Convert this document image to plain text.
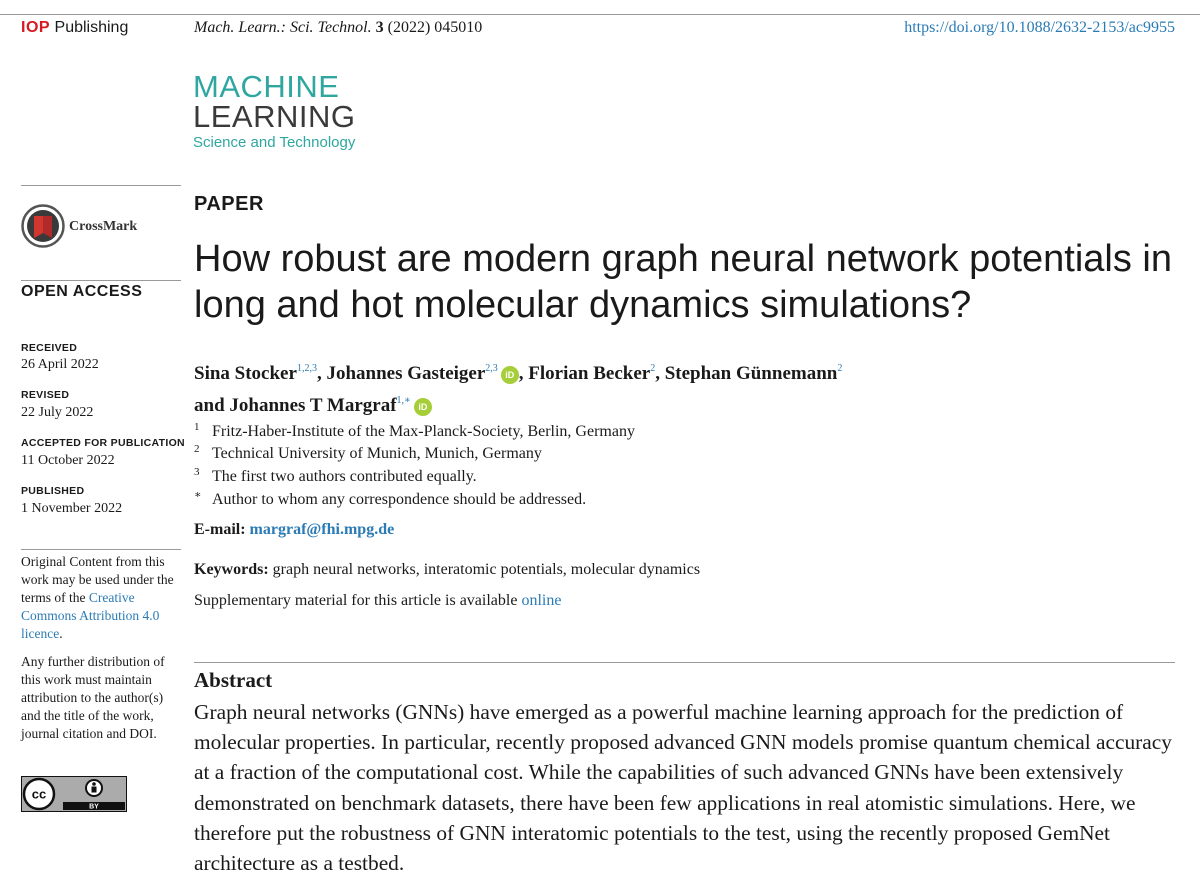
IOP Publishing	Mach. Learn.: Sci. Technol. 3 (2022) 045010	https://doi.org/10.1088/2632-2153/ac9955
MACHINE
LEARNING
Science and Technology
CrossMark
OPEN ACCESS
RECEIVED
26 April 2022
REVISED
22 July 2022
ACCEPTED FOR PUBLICATION
11 October 2022
PUBLISHED
1 November 2022
Original Content from this work may be used under the terms of the Creative Commons Attribution 4.0 licence.
Any further distribution of this work must maintain attribution to the author(s) and the title of the work, journal citation and DOI.
cc
BY
PAPER
How robust are modern graph neural network potentials in long and hot molecular dynamics simulations?
Sina Stocker$^{1,2,3}$, Johannes Gasteiger$^{2,3}$iD , Florian Becker$^2$, Stephan Günnemann$^2$
and Johannes T Margraf$^{1,∗}$iD
1 Fritz-Haber-Institute of the Max-Planck-Society, Berlin, Germany
2 Technical University of Munich, Munich, Germany
3 The first two authors contributed equally.
∗ Author to whom any correspondence should be addressed.
E-mail: margraf@fhi.mpg.de
Keywords: graph neural networks, interatomic potentials, molecular dynamics
Supplementary material for this article is available online
Abstract
Graph neural networks (GNNs) have emerged as a powerful machine learning approach for the prediction of molecular properties. In particular, recently proposed advanced GNN models promise quantum chemical accuracy at a fraction of the computational cost. While the capabilities of such advanced GNNs have been extensively demonstrated on benchmark datasets, there have been few applications in real atomistic simulations. Here, we therefore put the robustness of GNN interatomic potentials to the test, using the recently proposed GemNet architecture as a testbed.
